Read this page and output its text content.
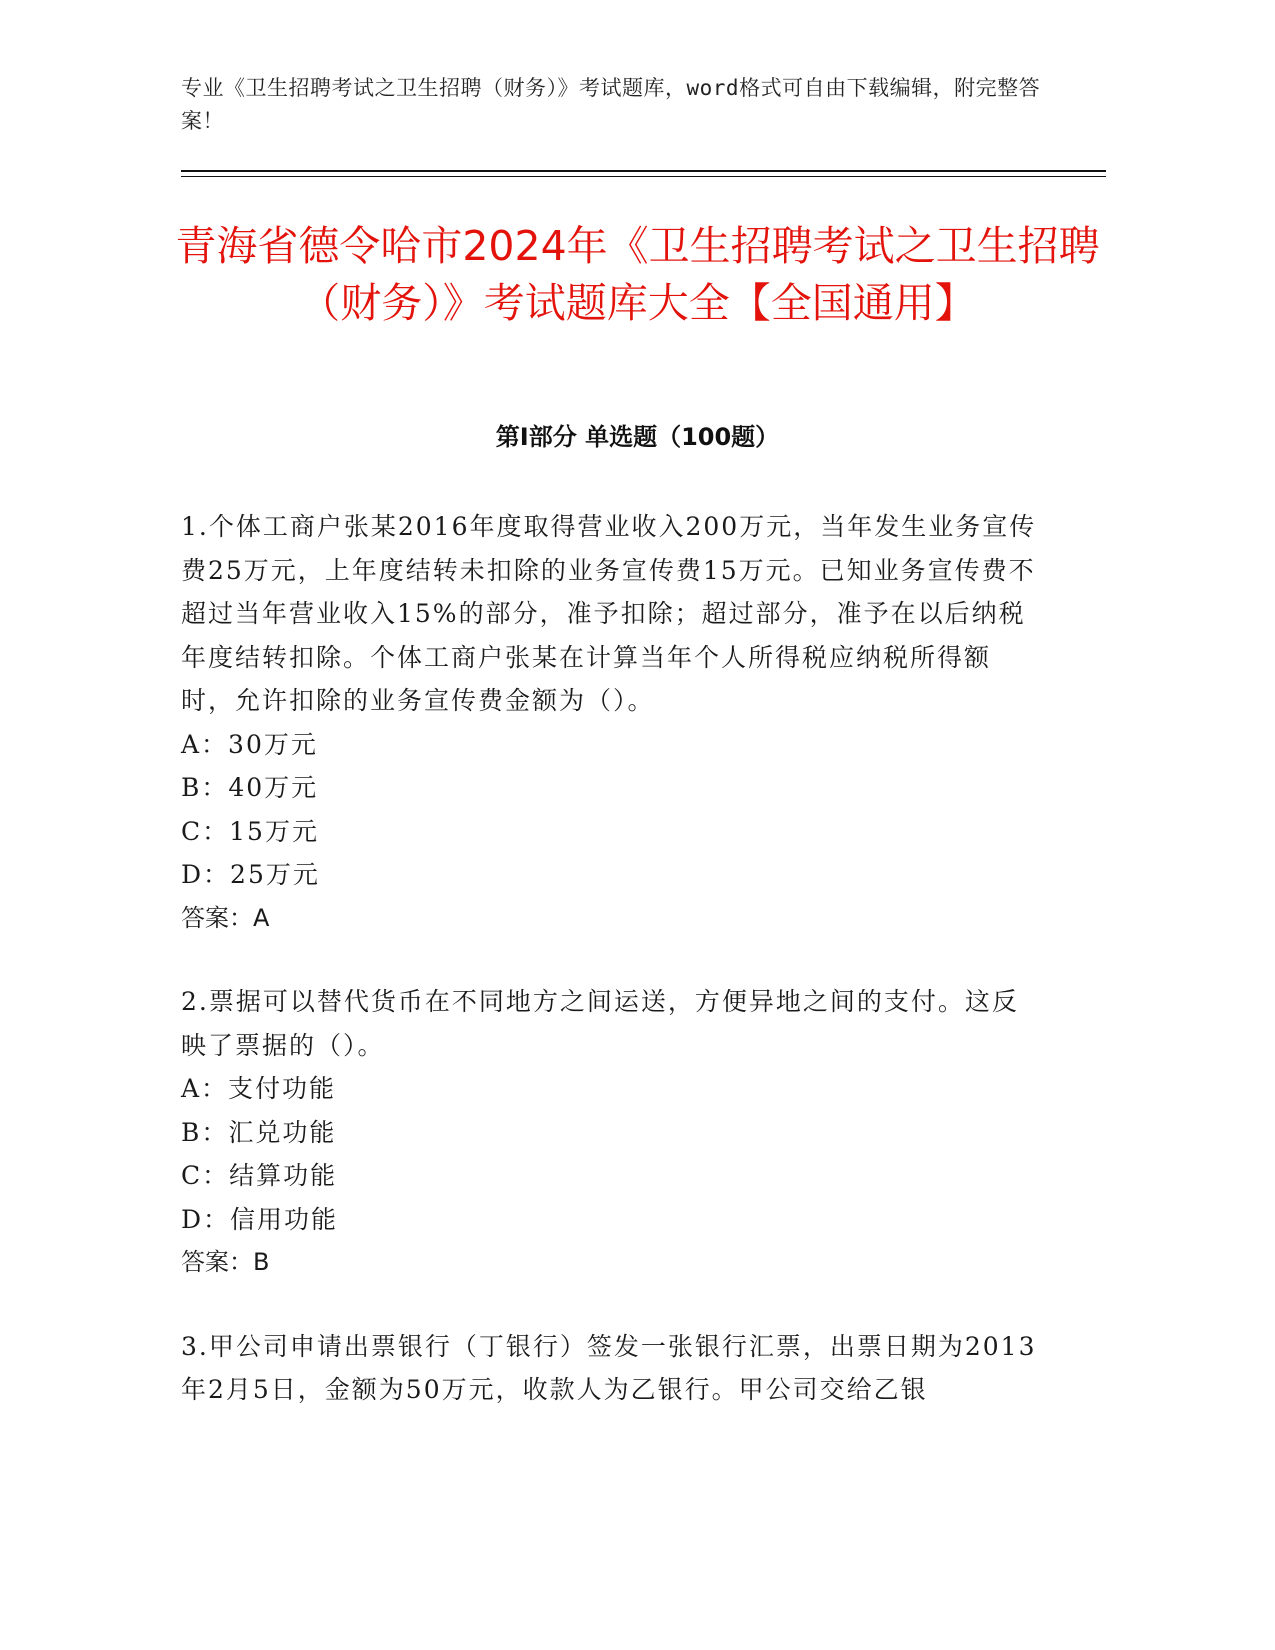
专业《卫生招聘考试之卫生招聘（财务）》考试题库，word格式可自由下载编辑，附完整答案！
青海省德令哈市2024年《卫生招聘考试之卫生招聘（财务）》考试题库大全【全国通用】
第I部分 单选题（100题）

1.个体工商户张某2016年度取得营业收入200万元，当年发生业务宣传费25万元，上年度结转未扣除的业务宣传费15万元。已知业务宣传费不超过当年营业收入15%的部分，准予扣除；超过部分，准予在以后纳税年度结转扣除。个体工商户张某在计算当年个人所得税应纳税所得额时，允许扣除的业务宣传费金额为（）。

A：30万元

B：40万元

C：15万元

D：25万元

答案：A

2.票据可以替代货币在不同地方之间运送，方便异地之间的支付。这反映了票据的（）。

A：支付功能

B：汇兑功能

C：结算功能

D：信用功能

答案：B

3.甲公司申请出票银行（丁银行）签发一张银行汇票，出票日期为2013年2月5日，金额为50万元，收款人为乙银行。甲公司交给乙银
